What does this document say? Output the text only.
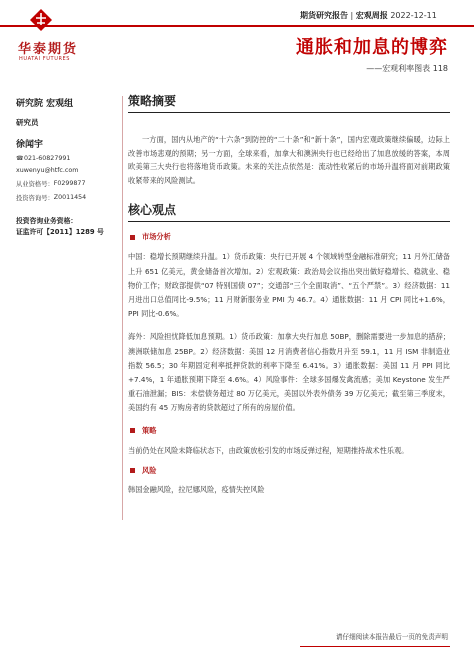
华泰期货
HUATAI FUTURES
期货研究报告 | 宏观周报 2022-12-11
通胀和加息的博弈
——宏观利率图表 118
研究院 宏观组
研究员
徐闻宇
☎ 021-60827991
xuwenyu@htfc.com
从业资格号： F0299877
投资咨询号： Z0011454
投资咨询业务资格：
证监许可【2011】1289 号
策略摘要
一方面，国内从地产的“十六条”到防控的“二十条”和“新十条”，国内宏观政策继续偏暖，边际上改善市场悲观的预期；另一方面，全球来看，加拿大和澳洲央行也已经给出了加息放缓的答案，本周欧美第三大央行也将落地货币政策。未来的关注点依然是：流动性收紧后的市场升温将面对前期政策收紧带来的风险测试。
核心观点
市场分析
中国：稳增长预期继续升温。1）货币政策：央行已开展 4 个领域转型金融标准研究；11 月外汇储备上升 651 亿美元，黄金储备首次增加。2）宏观政策：政治局会议指出突出做好稳增长、稳就业、稳物价工作；财政部提供“07 特别国债 07”；交通部“三个全面取消”、“五个严禁”。3）经济数据：11 月进出口总值同比-9.5%；11 月财新服务业 PMI 为 46.7。4）通胀数据：11 月 CPI 同比+1.6%，PPI 同比-0.6%。
海外：风险担忧降低加息预期。1）货币政策：加拿大央行加息 50BP，删除需要进一步加息的措辞；澳洲联储加息 25BP。2）经济数据：美国 12 月消费者信心指数月升至 59.1，11 月 ISM 非制造业指数 56.5；30 年期固定利率抵押贷款的利率下降至 6.41%。3）通胀数据：美国 11 月 PPI 同比+7.4%，1 年通胀预期下降至 4.6%。4）风险事件：全球多国爆发禽流感；美加 Keystone 发生严重石油泄漏；BIS：未偿债务超过 80 万亿美元，美国以外表外债务 39 万亿美元；截至第三季度末，美国约有 45 万购房者的贷款超过了所有的房屋价值。
策略
当前仍处在风险未降临状态下，由政策放松引发的市场反弹过程，短期推持战术性乐观。
风险
韩国金融风险，拉尼娜风险，疫情失控风险
请仔细阅读本报告最后一页的免责声明
